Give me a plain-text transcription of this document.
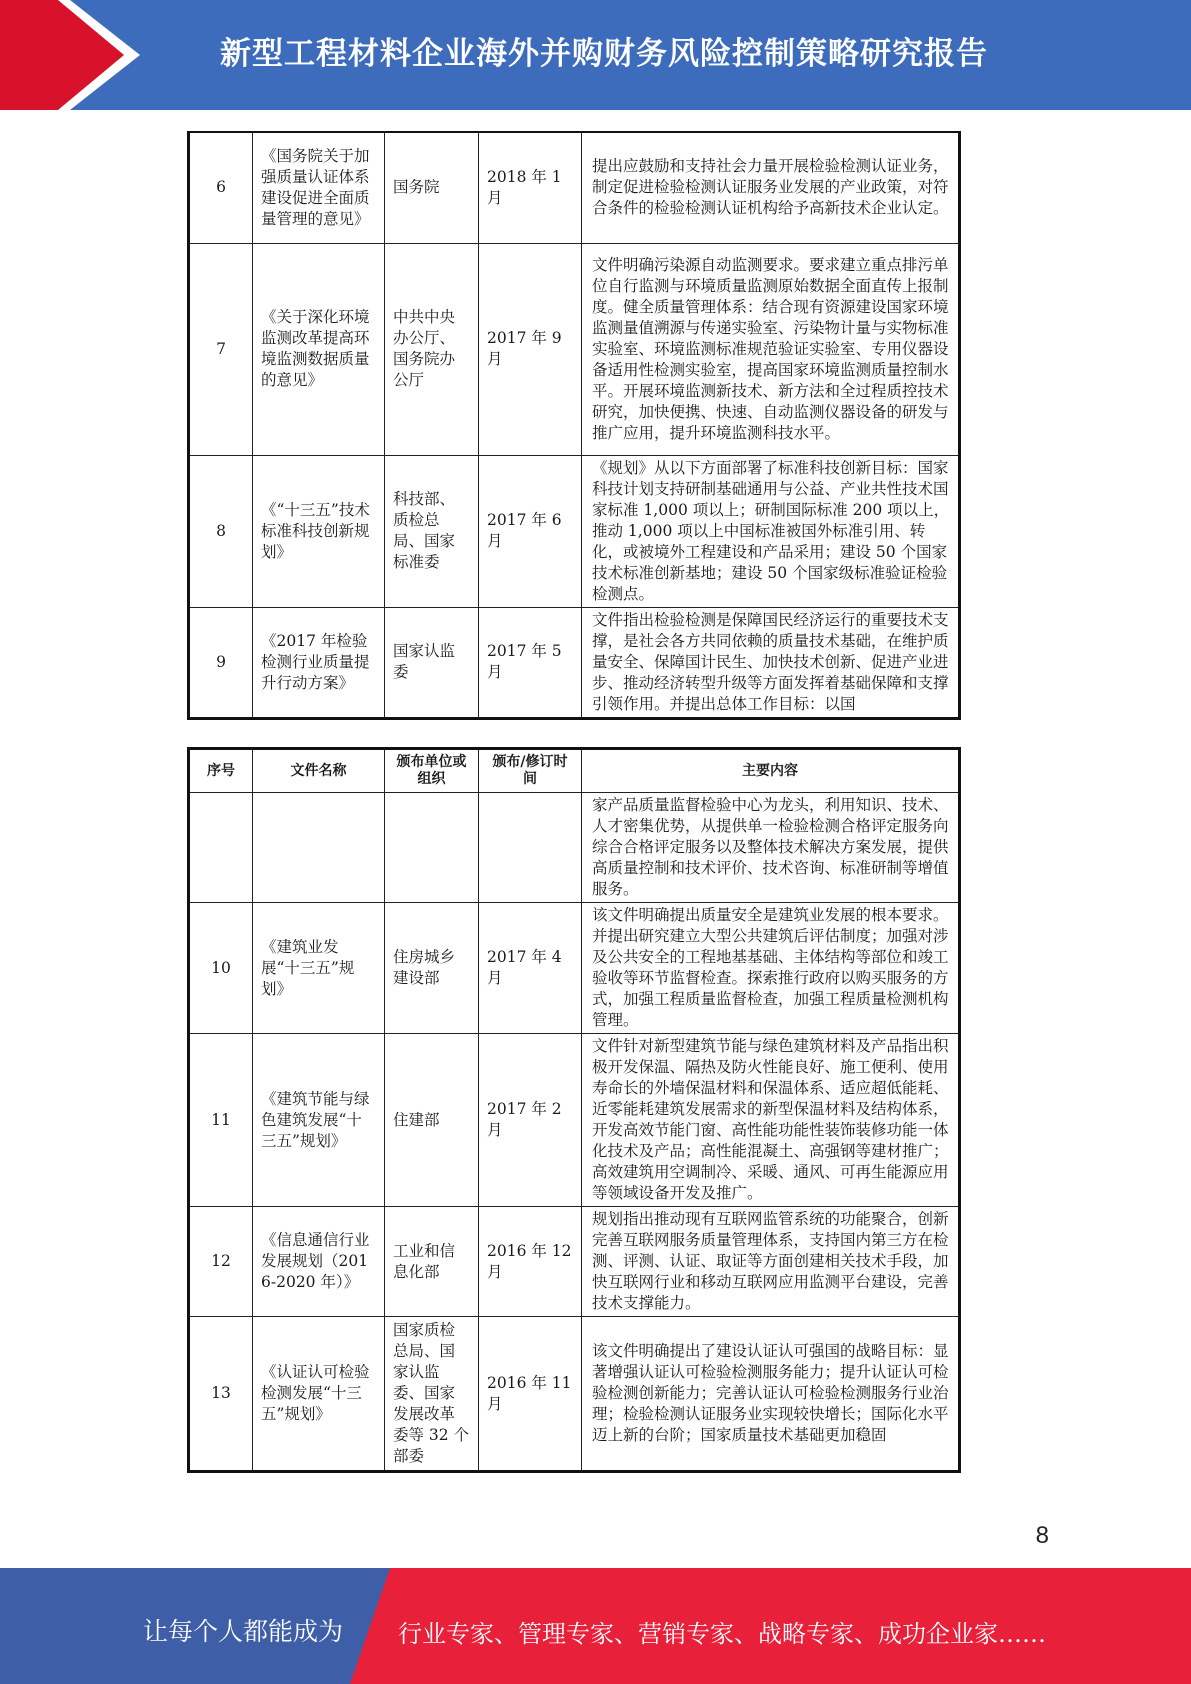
新型工程材料企业海外并购财务风险控制策略研究报告
6	《国务院关于加强质量认证体系建设促进全面质量管理的意见》	国务院	2018 年 1 月	提出应鼓励和支持社会力量开展检验检测认证业务，制定促进检验检测认证服务业发展的产业政策，对符合条件的检验检测认证机构给予高新技术企业认定。
7	《关于深化环境监测改革提高环境监测数据质量的意见》	中共中央办公厅、国务院办公厅	2017 年 9 月	文件明确污染源自动监测要求。要求建立重点排污单位自行监测与环境质量监测原始数据全面直传上报制度。健全质量管理体系：结合现有资源建设国家环境监测量值溯源与传递实验室、污染物计量与实物标准实验室、环境监测标准规范验证实验室、专用仪器设备适用性检测实验室，提高国家环境监测质量控制水平。开展环境监测新技术、新方法和全过程质控技术研究，加快便携、快速、自动监测仪器设备的研发与推广应用，提升环境监测科技水平。
8	《“十三五”技术标准科技创新规划》	科技部、质检总局、国家标准委	2017 年 6 月	《规划》从以下方面部署了标准科技创新目标：国家科技计划支持研制基础通用与公益、产业共性技术国家标准 1,000 项以上；研制国际标准 200 项以上，推动 1,000 项以上中国标准被国外标准引用、转化，或被境外工程建设和产品采用；建设 50 个国家技术标准创新基地；建设 50 个国家级标准验证检验检测点。
9	《2017 年检验检测行业质量提升行动方案》	国家认监委	2017 年 5 月	文件指出检验检测是保障国民经济运行的重要技术支撑，是社会各方共同依赖的质量技术基础，在维护质量安全、保障国计民生、加快技术创新、促进产业进步、推动经济转型升级等方面发挥着基础保障和支撑引领作用。并提出总体工作目标：以国
序号	文件名称	颁布单位或组织	颁布/修订时间	主要内容
				家产品质量监督检验中心为龙头，利用知识、技术、人才密集优势，从提供单一检验检测合格评定服务向综合合格评定服务以及整体技术解决方案发展，提供高质量控制和技术评价、技术咨询、标准研制等增值服务。
10	《建筑业发展“十三五”规划》	住房城乡建设部	2017 年 4 月	该文件明确提出质量安全是建筑业发展的根本要求。并提出研究建立大型公共建筑后评估制度；加强对涉及公共安全的工程地基基础、主体结构等部位和竣工验收等环节监督检查。探索推行政府以购买服务的方式，加强工程质量监督检查，加强工程质量检测机构管理。
11	《建筑节能与绿色建筑发展“十三五”规划》	住建部	2017 年 2 月	文件针对新型建筑节能与绿色建筑材料及产品指出积极开发保温、隔热及防火性能良好、施工便利、使用寿命长的外墙保温材料和保温体系、适应超低能耗、近零能耗建筑发展需求的新型保温材料及结构体系，开发高效节能门窗、高性能功能性装饰装修功能一体化技术及产品；高性能混凝土、高强钢等建材推广；高效建筑用空调制冷、采暖、通风、可再生能源应用等领域设备开发及推广。
12	《信息通信行业发展规划（2016-2020 年）》	工业和信息化部	2016 年 12 月	规划指出推动现有互联网监管系统的功能聚合，创新完善互联网服务质量管理体系，支持国内第三方在检测、评测、认证、取证等方面创建相关技术手段，加快互联网行业和移动互联网应用监测平台建设，完善技术支撑能力。
13	《认证认可检验检测发展“十三五”规划》	国家质检总局、国家认监委、国家发展改革委等 32 个部委	2016 年 11 月	该文件明确提出了建设认证认可强国的战略目标：显著增强认证认可检验检测服务能力；提升认证认可检验检测创新能力；完善认证认可检验检测服务行业治理；检验检测认证服务业实现较快增长；国际化水平迈上新的台阶；国家质量技术基础更加稳固
8
让每个人都能成为 行业专家、管理专家、营销专家、战略专家、成功企业家……
